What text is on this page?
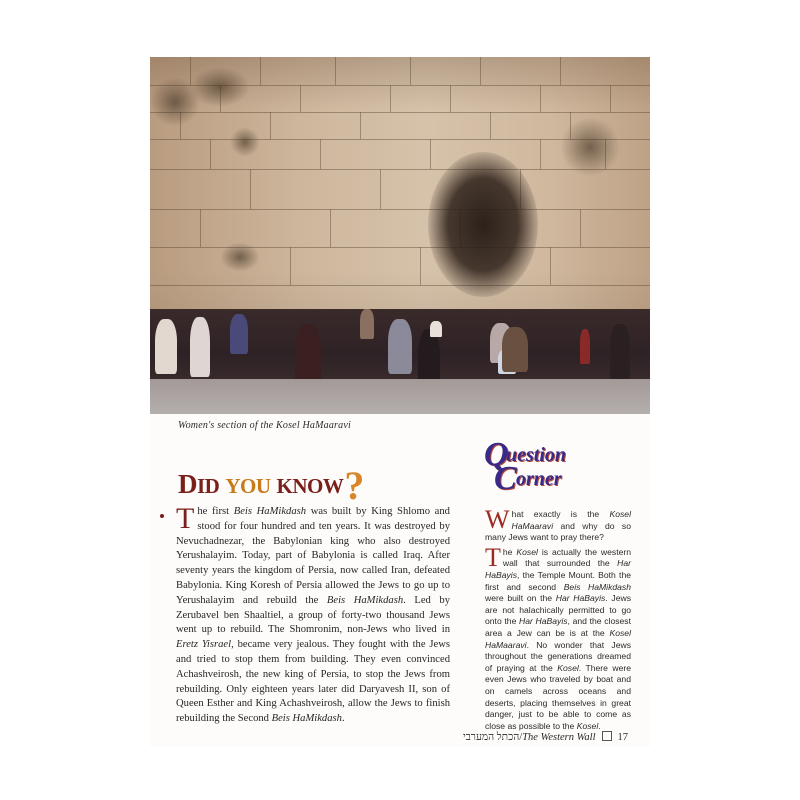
Women's section of the Kosel HaMaaravi
DID YOU KNOW?
T he first Beis HaMikdash was built by King Shlomo and stood for four hundred and ten years. It was destroyed by Nevuchadnezar, the Babylonian king who also destroyed Yerushalayim. Today, part of Babylonia is called Iraq. After seventy years the kingdom of Persia, now called Iran, defeated Babylonia. King Koresh of Persia allowed the Jews to go up to Yerushalayim and rebuild the Beis HaMikdash. Led by Zerubavel ben Shaaltiel, a group of forty-two thousand Jews went up to rebuild. The Shomronim, non-Jews who lived in Eretz Yisrael, became very jealous. They fought with the Jews and tried to stop them from building. They even convinced Achashveirosh, the new king of Persia, to stop the Jews from rebuilding. Only eighteen years later did Daryavesh II, son of Queen Esther and King Achashveirosh, allow the Jews to finish rebuilding the Second Beis HaMikdash.
Q
uestion
C orner

W hat exactly is the Kosel HaMaaravi and why do so many Jews want to pray there?

T he Kosel is actually the western wall that surrounded the Har HaBayis, the Temple Mount. Both the first and second Beis HaMikdash were built on the Har HaBayis. Jews are not halachically permitted to go onto the Har HaBayis, and the closest area a Jew can be is at the Kosel HaMaaravi. No wonder that Jews throughout the generations dreamed of praying at the Kosel. There were even Jews who traveled by boat and on camels across oceans and deserts, placing themselves in great danger, just to be able to come as close as possible to the Kosel.

הכתל המערבי/The Western Wall 17
